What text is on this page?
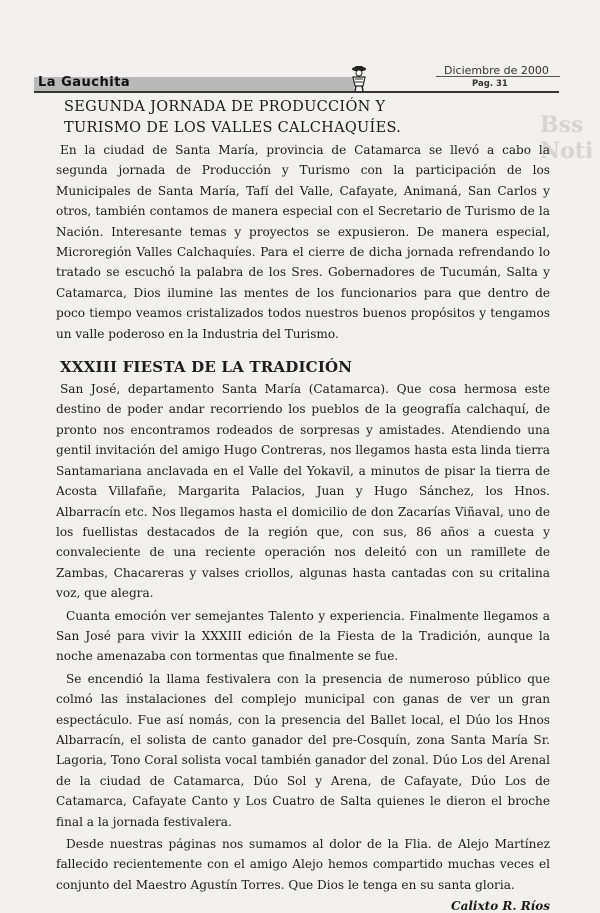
Bss
Noti
La Gauchita
Diciembre de 2000
Pag. 31
SEGUNDA JORNADA DE PRODUCCIÓN Y
TURISMO DE LOS VALLES CALCHAQUÍES.

En la ciudad de Santa María, provincia de Catamarca se llevó a cabo la segunda jornada de Producción y Turismo con la participación de los Municipales de Santa María, Tafí del Valle, Cafayate, Animaná, San Carlos y otros, también contamos de manera especial con el Secretario de Turismo de la Nación. Interesante temas y proyectos se expusieron. De manera especial, Microregión Valles Calchaquíes. Para el cierre de dicha jornada refrendando lo tratado se escuchó la palabra de los Sres. Gobernadores de Tucumán, Salta y Catamarca, Dios ilumine las mentes de los funcionarios para que dentro de poco tiempo veamos cristalizados todos nuestros buenos propósitos y tengamos un valle poderoso en la Industria del Turismo.

XXXIII FIESTA DE LA TRADICIÓN

San José, departamento Santa María (Catamarca). Que cosa hermosa este destino de poder andar recorriendo los pueblos de la geografía calchaquí, de pronto nos encontramos rodeados de sorpresas y amistades. Atendiendo una gentil invitación del amigo Hugo Contreras, nos llegamos hasta esta linda tierra Santamariana anclavada en el Valle del Yokavil, a minutos de pisar la tierra de Acosta Villafañe, Margarita Palacios, Juan y Hugo Sánchez, los Hnos. Albarracín etc. Nos llegamos hasta el domicilio de don Zacarías Viñaval, uno de los fuellistas destacados de la región que, con sus, 86 años a cuesta y convaleciente de una reciente operación nos deleitó con un ramillete de Zambas, Chacareras y valses criollos, algunas hasta cantadas con su critalina voz, que alegra.

Cuanta emoción ver semejantes Talento y experiencia. Finalmente llegamos a San José para vivir la XXXIII edición de la Fiesta de la Tradición, aunque la noche amenazaba con tormentas que finalmente se fue.

Se encendió la llama festivalera con la presencia de numeroso público que colmó las instalaciones del complejo municipal con ganas de ver un gran espectáculo. Fue así nomás, con la presencia del Ballet local, el Dúo los Hnos Albarracín, el solista de canto ganador del pre-Cosquín, zona Santa María Sr. Lagoria, Tono Coral solista vocal también ganador del zonal. Dúo Los del Arenal de la ciudad de Catamarca, Dúo Sol y Arena, de Cafayate, Dúo Los de Catamarca, Cafayate Canto y Los Cuatro de Salta quienes le dieron el broche final a la jornada festivalera.

Desde nuestras páginas nos sumamos al dolor de la Flia. de Alejo Martínez fallecido recientemente con el amigo Alejo hemos compartido muchas veces el conjunto del Maestro Agustín Torres. Que Dios le tenga en su santa gloria.

Calixto R. Ríos
